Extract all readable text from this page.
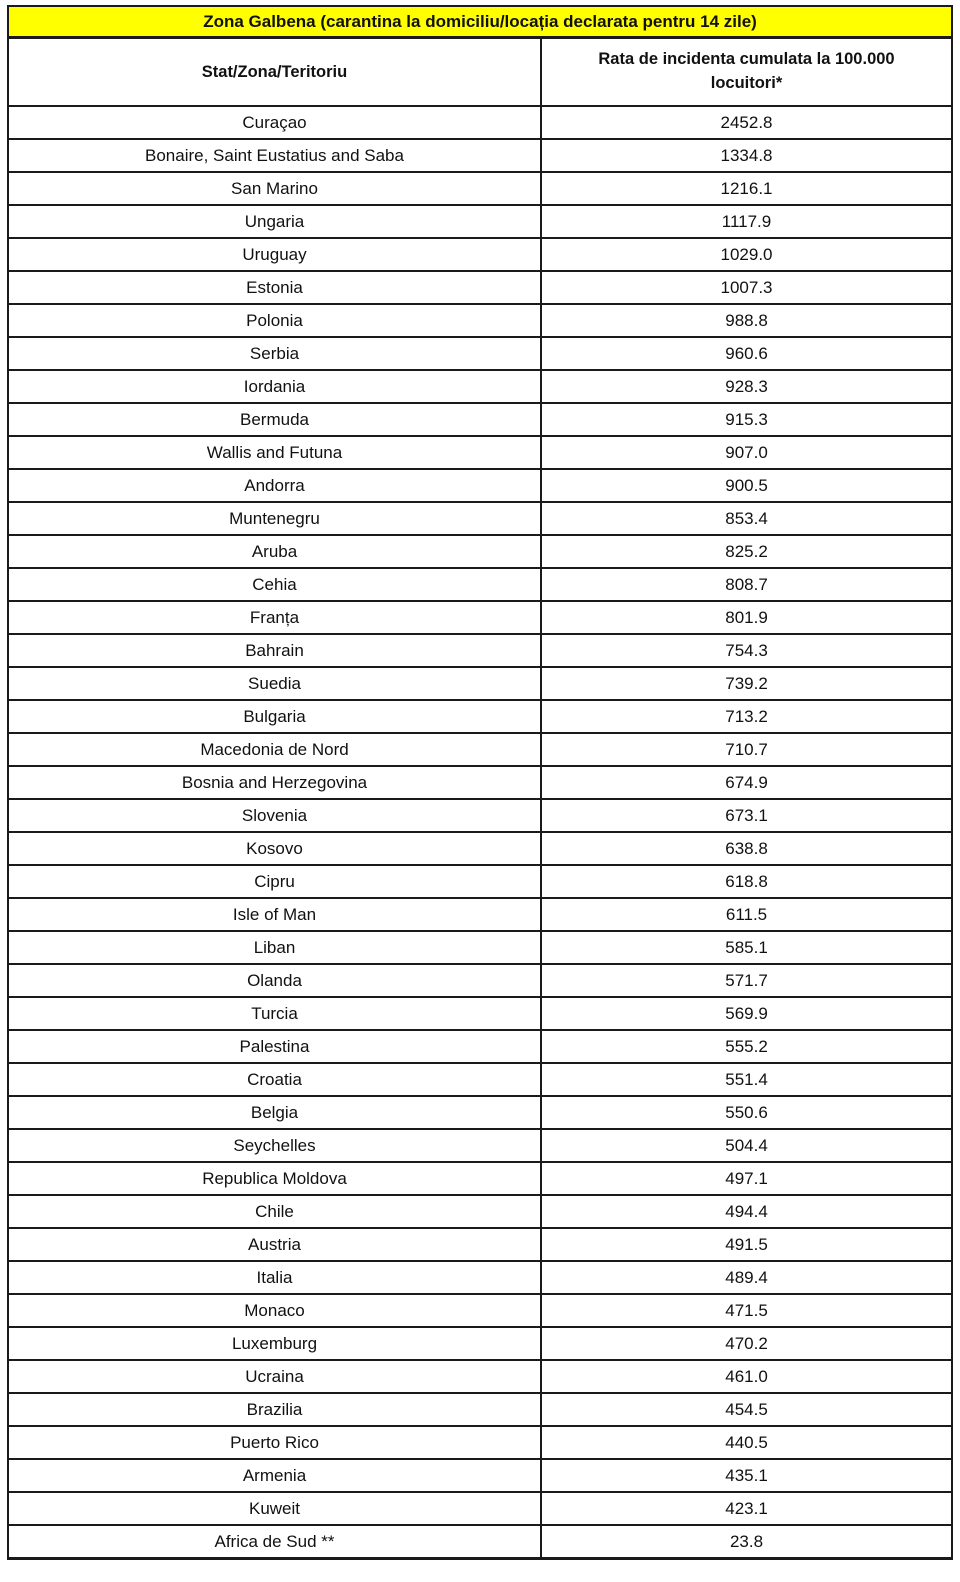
Zona Galbena (carantina la domiciliu/locația declarata pentru 14 zile)	
Stat/Zona/Teritoriu	Rata de incidenta cumulata la 100.000 locuitori*
Curaçao	2452.8
Bonaire, Saint Eustatius and Saba	1334.8
San Marino	1216.1
Ungaria	1117.9
Uruguay	1029.0
Estonia	1007.3
Polonia	988.8
Serbia	960.6
Iordania	928.3
Bermuda	915.3
Wallis and Futuna	907.0
Andorra	900.5
Muntenegru	853.4
Aruba	825.2
Cehia	808.7
Franța	801.9
Bahrain	754.3
Suedia	739.2
Bulgaria	713.2
Macedonia de Nord	710.7
Bosnia and Herzegovina	674.9
Slovenia	673.1
Kosovo	638.8
Cipru	618.8
Isle of Man	611.5
Liban	585.1
Olanda	571.7
Turcia	569.9
Palestina	555.2
Croatia	551.4
Belgia	550.6
Seychelles	504.4
Republica Moldova	497.1
Chile	494.4
Austria	491.5
Italia	489.4
Monaco	471.5
Luxemburg	470.2
Ucraina	461.0
Brazilia	454.5
Puerto Rico	440.5
Armenia	435.1
Kuweit	423.1
Africa de Sud **	23.8
